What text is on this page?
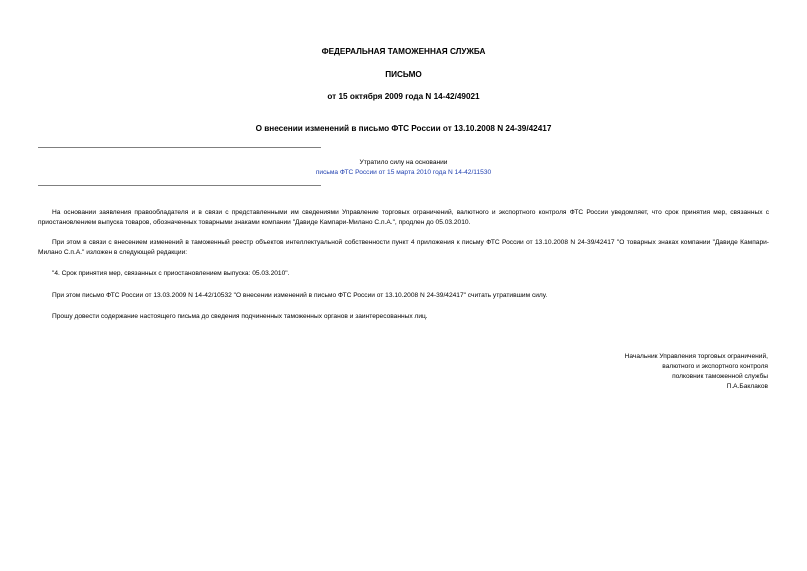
ФЕДЕРАЛЬНАЯ ТАМОЖЕННАЯ СЛУЖБА
ПИСЬМО
от 15 октября 2009 года N 14-42/49021
О внесении изменений в письмо ФТС России от 13.10.2008 N 24-39/42417
Утратило силу на основании
письма ФТС России от 15 марта 2010 года N 14-42/11530
На основании заявления правообладателя и в связи с представленными им сведениями Управление торговых ограничений, валютного и экспортного контроля ФТС России уведомляет, что срок принятия мер, связанных с приостановлением выпуска товаров, обозначенных товарными знаками компании "Давиде Кампари-Милано С.п.А.", продлен до 05.03.2010.
При этом в связи с внесением изменений в таможенный реестр объектов интеллектуальной собственности пункт 4 приложения к письму ФТС России от 13.10.2008 N 24-39/42417 "О товарных знаках компании "Давиде Кампари-Милано С.п.А." изложен в следующей редакции:
"4. Срок принятия мер, связанных с приостановлением выпуска: 05.03.2010".
При этом письмо ФТС России от 13.03.2009 N 14-42/10532 "О внесении изменений в письмо ФТС России от 13.10.2008 N 24-39/42417" считать утратившим силу.
Прошу довести содержание настоящего письма до сведения подчиненных таможенных органов и заинтересованных лиц.
Начальник Управления торговых ограничений,
валютного и экспортного контроля
полковник таможенной службы
П.А.Баклаков
